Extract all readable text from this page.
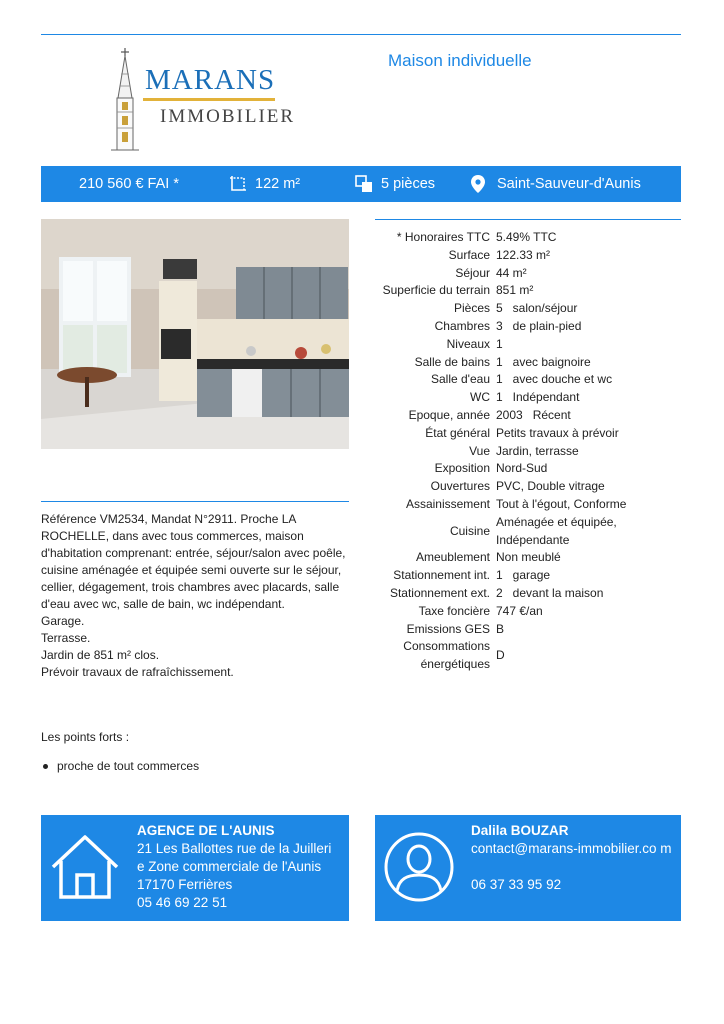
MARANS
IMMOBILIER
Maison individuelle
210 560 € FAI *	122 m²	5 pièces	Saint-Sauveur-d'Aunis
* Honoraires TTC 5.49% TTC
Surface 122.33 m²
Séjour 44 m²
Superficie du terrain 851 m²
Pièces 5   salon/séjour
Chambres 3   de plain-pied
Niveaux 1
Salle de bains 1   avec baignoire
Salle d'eau 1   avec douche et wc
WC 1   Indépendant
Epoque, année 2003   Récent
État général Petits travaux à prévoir
Vue Jardin, terrasse
Exposition Nord-Sud
Ouvertures PVC, Double vitrage
Assainissement Tout à l'égout, Conforme
Cuisine
Aménagée et équipée, Indépendante
Ameublement Non meublé
Stationnement int. 1   garage
Stationnement ext. 2   devant la maison
Taxe foncière 747 €/an
Emissions GES B
Consommations énergétiques
D
Référence VM2534, Mandat N°2911. Proche LA ROCHELLE, dans avec tous commerces, maison d'habitation comprenant: entrée, séjour/salon avec poêle, cuisine aménagée et équipée semi ouverte sur le séjour, cellier, dégagement, trois chambres avec placards, salle d'eau avec wc, salle de bain, wc indépendant.
Garage.
Terrasse.
Jardin de 851 m² clos.
Prévoir travaux de rafraîchissement.
Les points forts :
proche de tout commerces
AGENCE DE L'AUNIS
21 Les Ballottes rue de la Juilleri e Zone commerciale de l'Aunis
17170 Ferrières
05 46 69 22 51
Dalila BOUZAR
contact@marans-immobilier.co m
06 37 33 95 92
